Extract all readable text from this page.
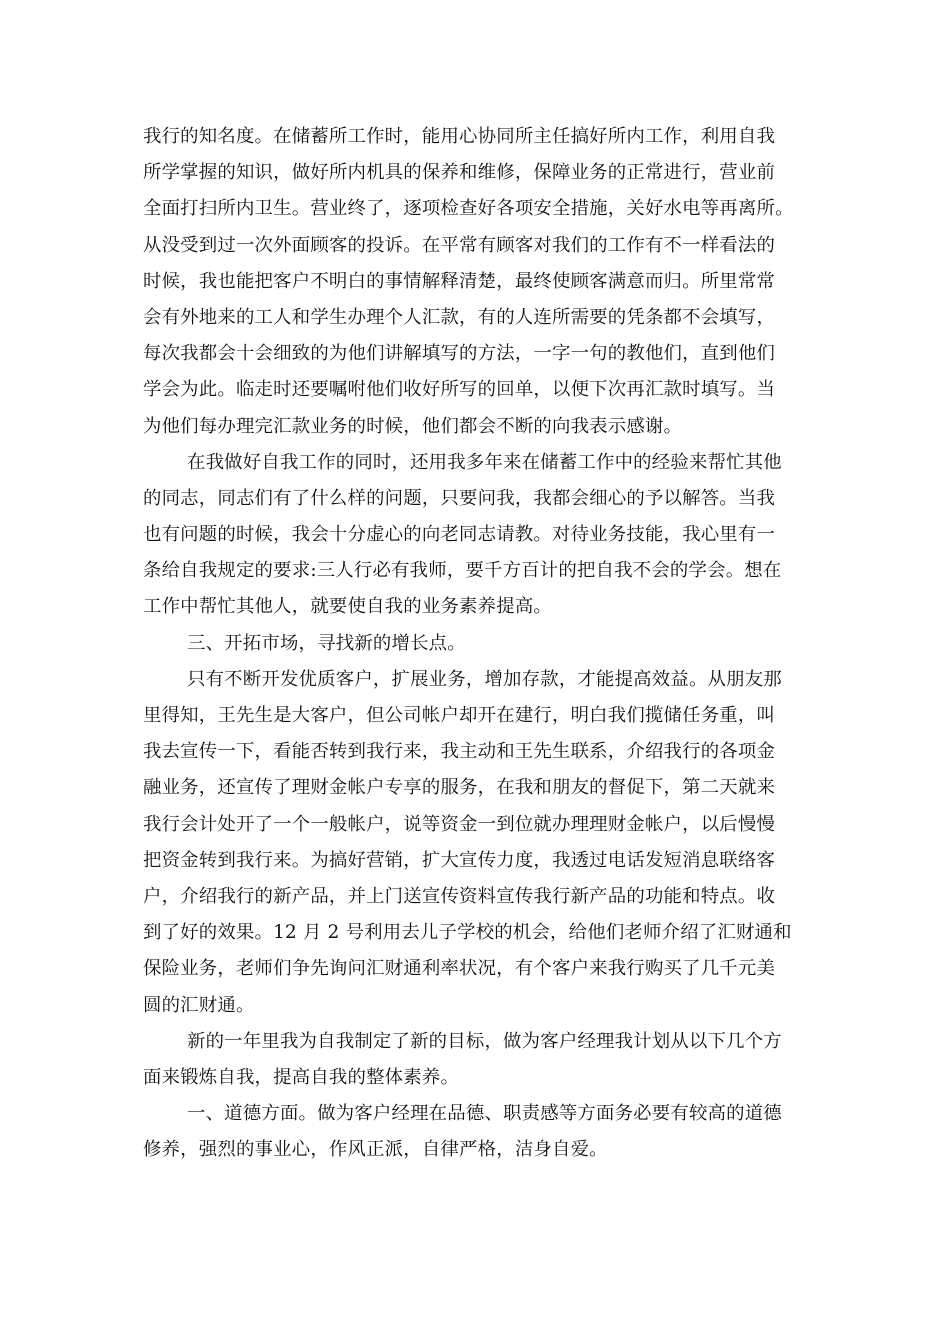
我行的知名度。在储蓄所工作时，能用心协同所主任搞好所内工作，利用自我
所学掌握的知识，做好所内机具的保养和维修，保障业务的正常进行，营业前
全面打扫所内卫生。营业终了，逐项检查好各项安全措施，关好水电等再离所。
从没受到过一次外面顾客的投诉。在平常有顾客对我们的工作有不一样看法的
时候，我也能把客户不明白的事情解释清楚，最终使顾客满意而归。所里常常
会有外地来的工人和学生办理个人汇款，有的人连所需要的凭条都不会填写，
每次我都会十会细致的为他们讲解填写的方法，一字一句的教他们，直到他们
学会为此。临走时还要嘱咐他们收好所写的回单，以便下次再汇款时填写。当
为他们每办理完汇款业务的时候，他们都会不断的向我表示感谢。
在我做好自我工作的同时，还用我多年来在储蓄工作中的经验来帮忙其他
的同志，同志们有了什么样的问题，只要问我，我都会细心的予以解答。当我
也有问题的时候，我会十分虚心的向老同志请教。对待业务技能，我心里有一
条给自我规定的要求:三人行必有我师，要千方百计的把自我不会的学会。想在
工作中帮忙其他人，就要使自我的业务素养提高。
三、开拓市场，寻找新的增长点。
只有不断开发优质客户，扩展业务，增加存款，才能提高效益。从朋友那
里得知，王先生是大客户，但公司帐户却开在建行，明白我们揽储任务重，叫
我去宣传一下，看能否转到我行来，我主动和王先生联系，介绍我行的各项金
融业务，还宣传了理财金帐户专享的服务，在我和朋友的督促下，第二天就来
我行会计处开了一个一般帐户，说等资金一到位就办理理财金帐户，以后慢慢
把资金转到我行来。为搞好营销，扩大宣传力度，我透过电话发短消息联络客
户，介绍我行的新产品，并上门送宣传资料宣传我行新产品的功能和特点。收
到了好的效果。12 月 2 号利用去儿子学校的机会，给他们老师介绍了汇财通和
保险业务，老师们争先询问汇财通利率状况，有个客户来我行购买了几千元美
圆的汇财通。
新的一年里我为自我制定了新的目标，做为客户经理我计划从以下几个方
面来锻炼自我，提高自我的整体素养。
一、道德方面。做为客户经理在品德、职责感等方面务必要有较高的道德
修养，强烈的事业心，作风正派，自律严格，洁身自爱。
